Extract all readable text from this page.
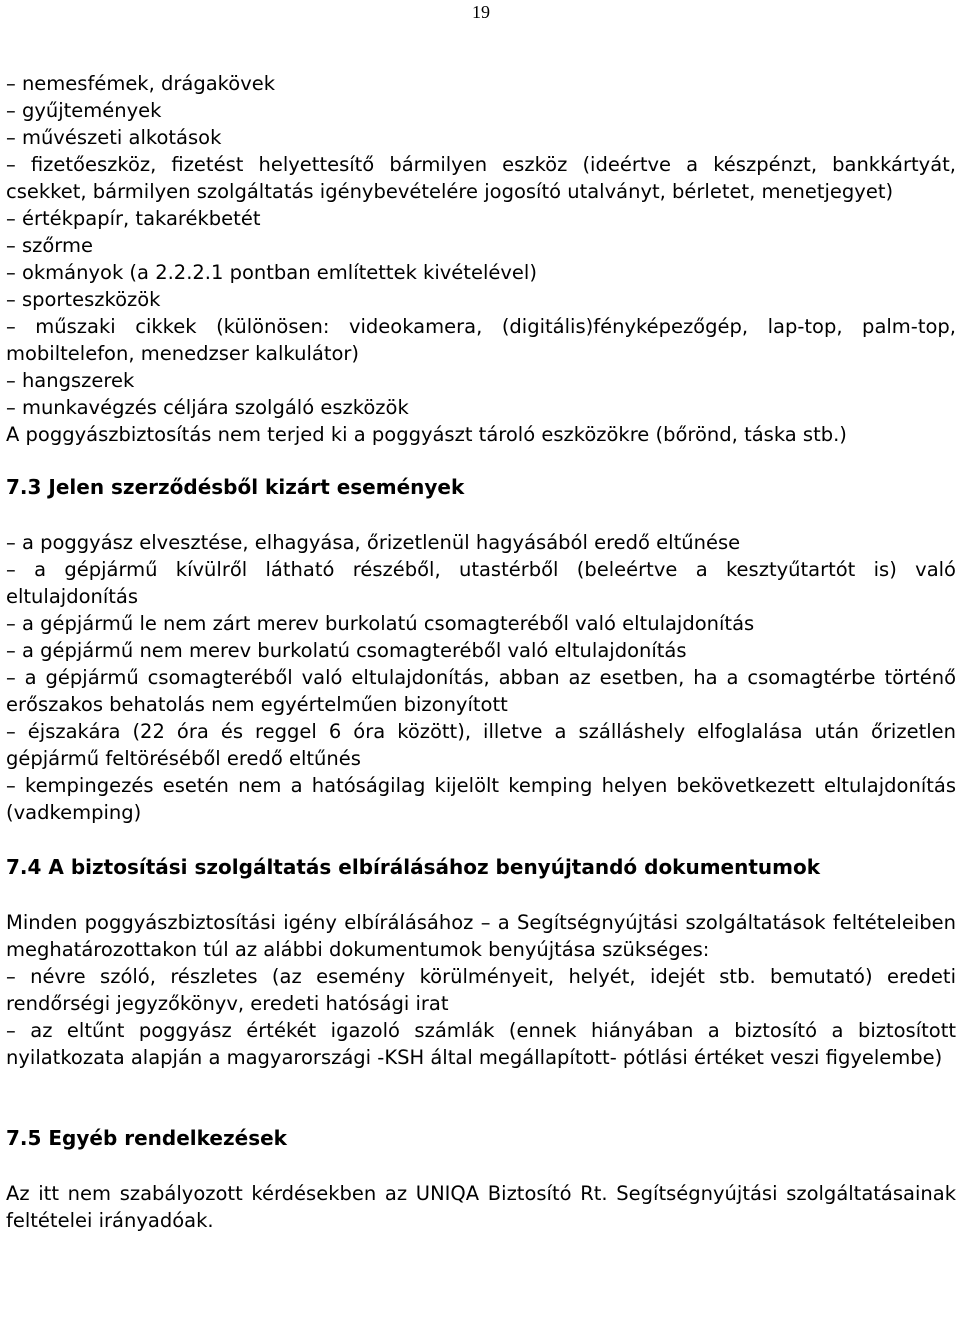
19

– nemesfémek, drágakövek

– gyűjtemények

– művészeti alkotások

– fizetőeszköz, fizetést helyettesítő bármilyen eszköz (ideértve a készpénzt, bankkártyát, csekket, bármilyen szolgáltatás igénybevételére jogosító utalványt, bérletet, menetjegyet)

– értékpapír, takarékbetét

– szőrme

– okmányok (a 2.2.2.1 pontban említettek kivételével)

– sporteszközök

– műszaki cikkek (különösen: videokamera, (digitális)fényképezőgép, lap-top, palm-top, mobiltelefon, menedzser kalkulátor)

– hangszerek

– munkavégzés céljára szolgáló eszközök

A poggyászbiztosítás nem terjed ki a poggyászt tároló eszközökre (bőrönd, táska stb.)

7.3 Jelen szerződésből kizárt események

– a poggyász elvesztése, elhagyása, őrizetlenül hagyásából eredő eltűnése

– a gépjármű kívülről látható részéből, utastérből (beleértve a kesztyűtartót is) való eltulajdonítás

– a gépjármű le nem zárt merev burkolatú csomagteréből való eltulajdonítás

– a gépjármű nem merev burkolatú csomagteréből való eltulajdonítás

– a gépjármű csomagteréből való eltulajdonítás, abban az esetben, ha a csomagtérbe történő erőszakos behatolás nem egyértelműen bizonyított

– éjszakára (22 óra és reggel 6 óra között), illetve a szálláshely elfoglalása után őrizetlen gépjármű feltöréséből eredő eltűnés

– kempingezés esetén nem a hatóságilag kijelölt kemping helyen bekövetkezett eltulajdonítás (vadkemping)

7.4 A biztosítási szolgáltatás elbírálásához benyújtandó dokumentumok

Minden poggyászbiztosítási igény elbírálásához – a Segítségnyújtási szolgáltatások feltételeiben meghatározottakon túl az alábbi dokumentumok benyújtása szükséges:

– névre szóló, részletes (az esemény körülményeit, helyét, idejét stb. bemutató) eredeti rendőrségi jegyzőkönyv, eredeti hatósági irat

– az eltűnt poggyász értékét igazoló számlák (ennek hiányában a biztosító a biztosított nyilatkozata alapján a magyarországi -KSH által megállapított- pótlási értéket veszi figyelembe)

7.5 Egyéb rendelkezések

Az itt nem szabályozott kérdésekben az UNIQA Biztosító Rt. Segítségnyújtási szolgáltatásainak feltételei irányadóak.
